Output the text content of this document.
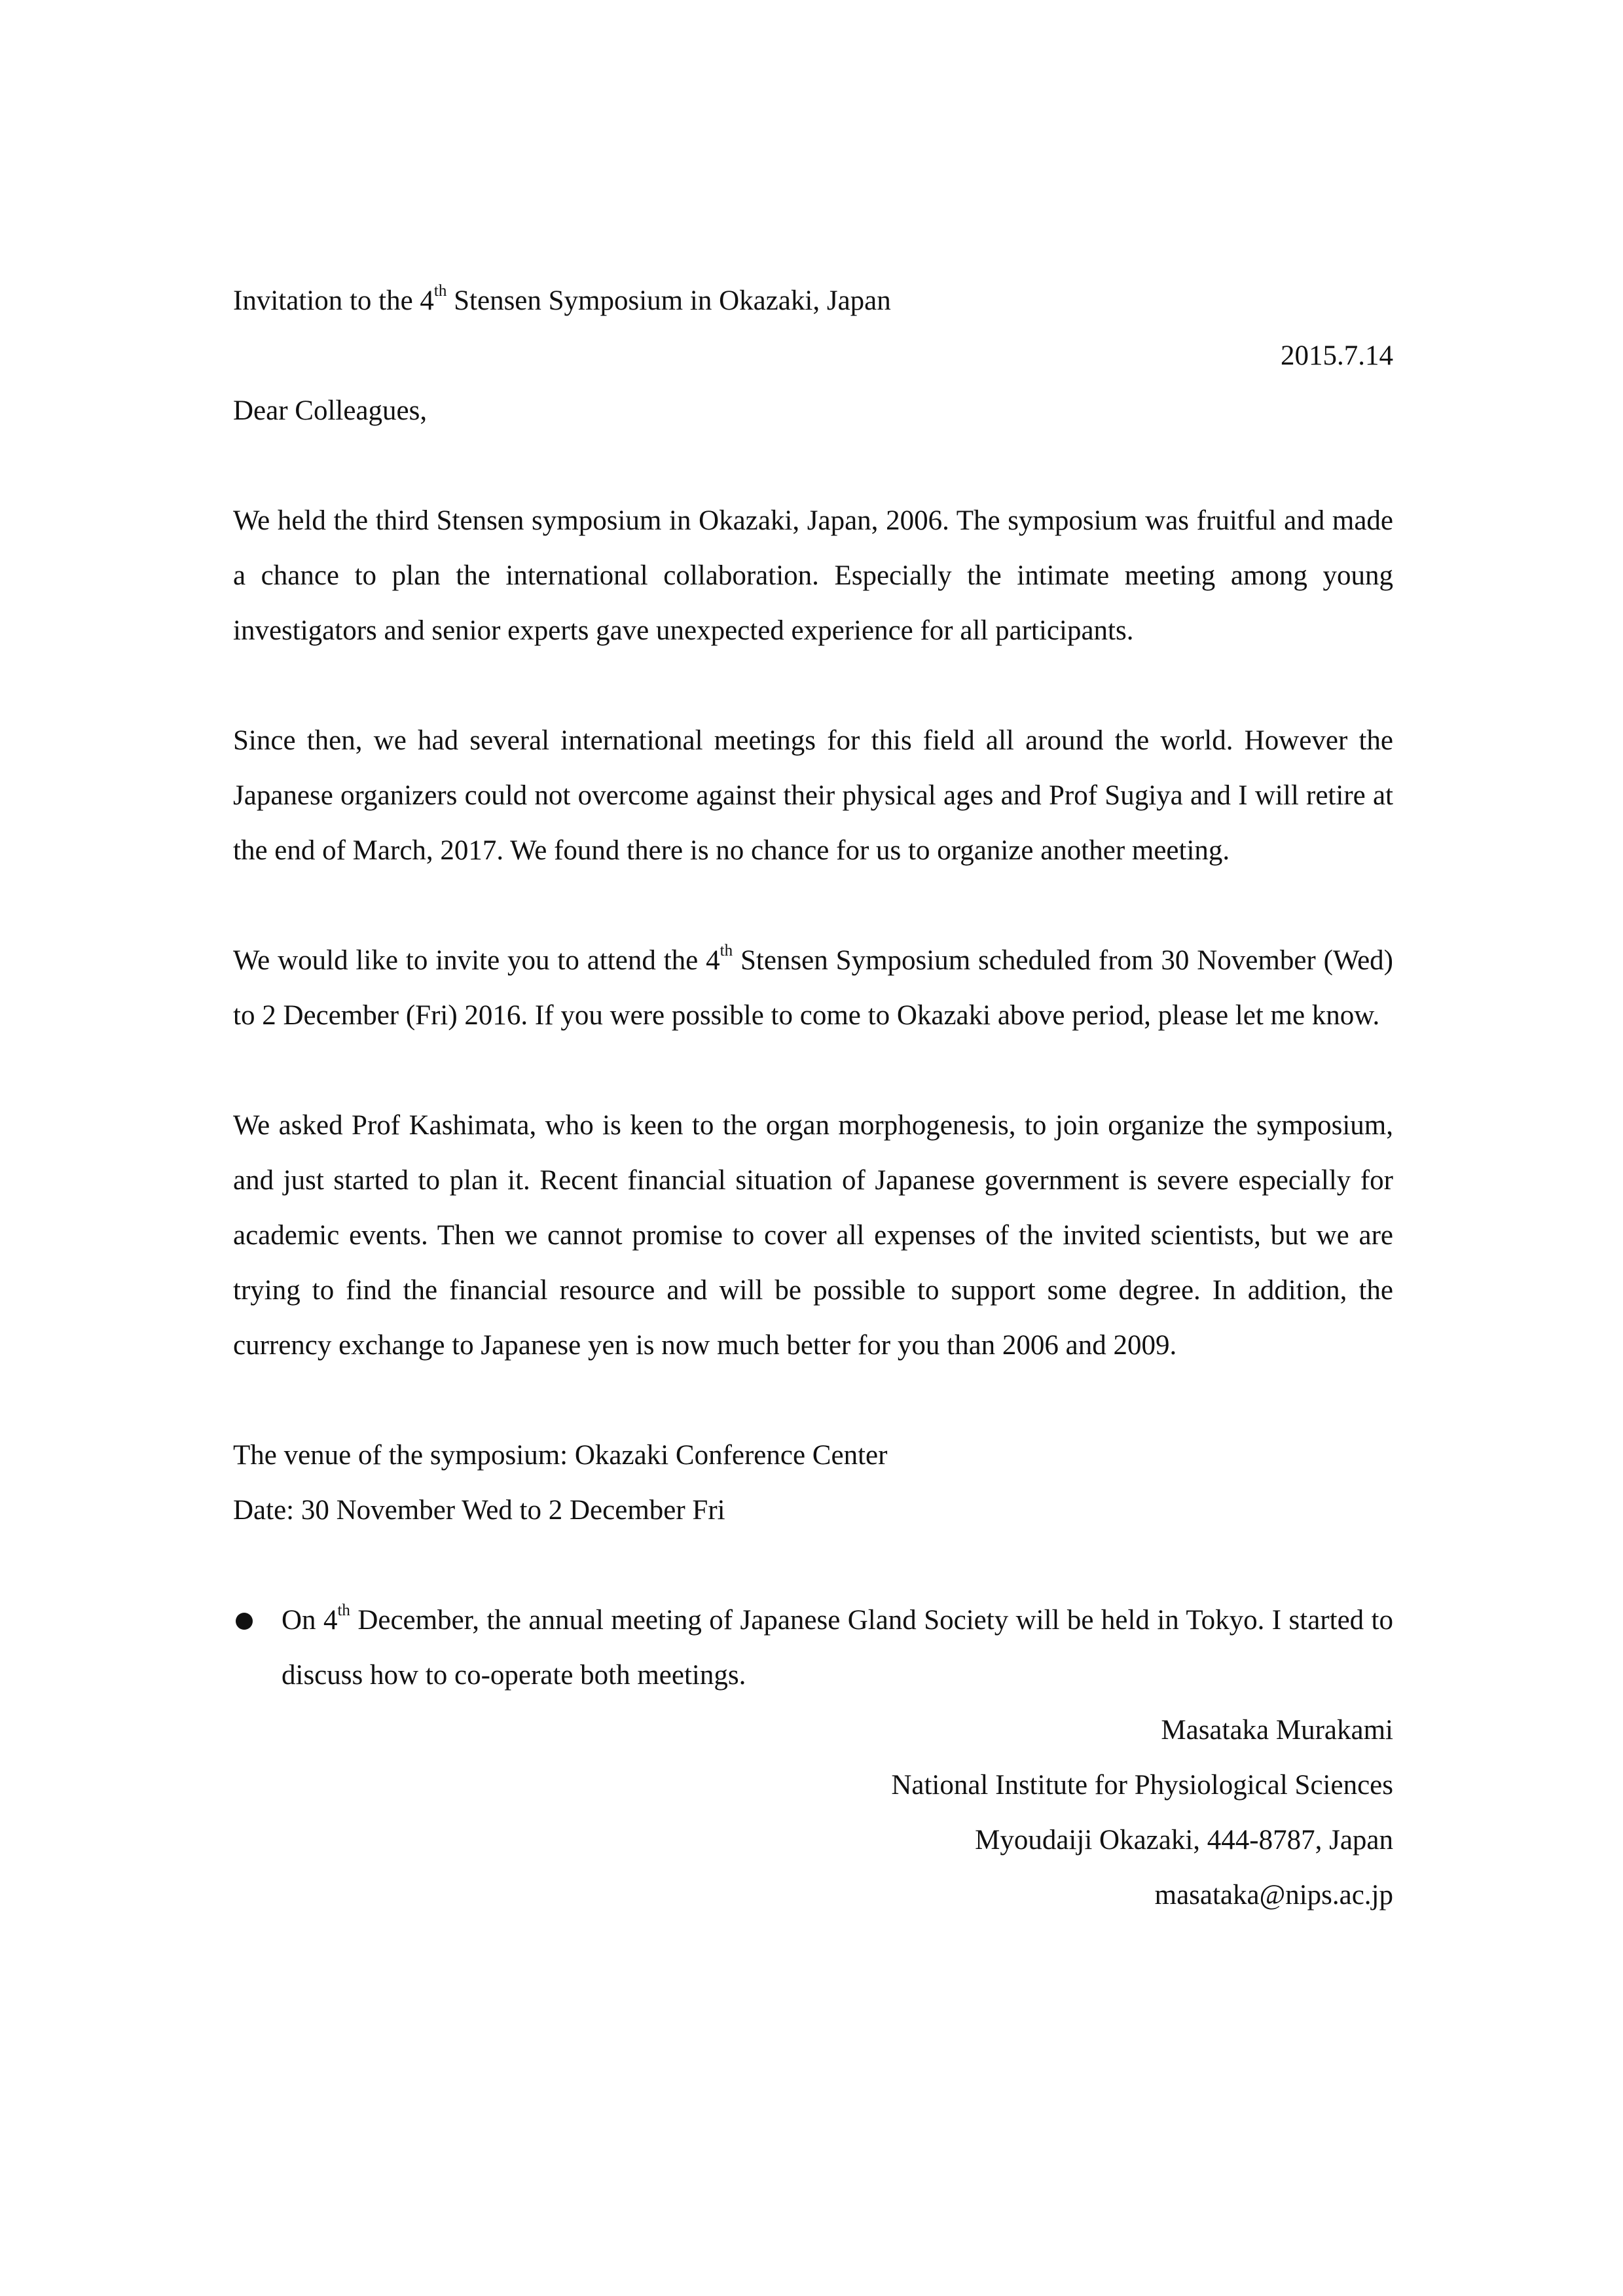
Invitation to the 4th Stensen Symposium in Okazaki, Japan

2015.7.14

Dear Colleagues,

We held the third Stensen symposium in Okazaki, Japan, 2006. The symposium was fruitful and made a chance to plan the international collaboration. Especially the intimate meeting among young investigators and senior experts gave unexpected experience for all participants.

Since then, we had several international meetings for this field all around the world. However the Japanese organizers could not overcome against their physical ages and Prof Sugiya and I will retire at the end of March, 2017. We found there is no chance for us to organize another meeting.

We would like to invite you to attend the 4th Stensen Symposium scheduled from 30 November (Wed) to 2 December (Fri) 2016. If you were possible to come to Okazaki above period, please let me know.

We asked Prof Kashimata, who is keen to the organ morphogenesis, to join organize the symposium, and just started to plan it. Recent financial situation of Japanese government is severe especially for academic events. Then we cannot promise to cover all expenses of the invited scientists, but we are trying to find the financial resource and will be possible to support some degree. In addition, the currency exchange to Japanese yen is now much better for you than 2006 and 2009.

The venue of the symposium: Okazaki Conference Center

Date: 30 November Wed to 2 December Fri

On 4th December, the annual meeting of Japanese Gland Society will be held in Tokyo. I started to discuss how to co-operate both meetings.

Masataka Murakami

National Institute for Physiological Sciences

Myoudaiji Okazaki, 444-8787, Japan

masataka@nips.ac.jp
